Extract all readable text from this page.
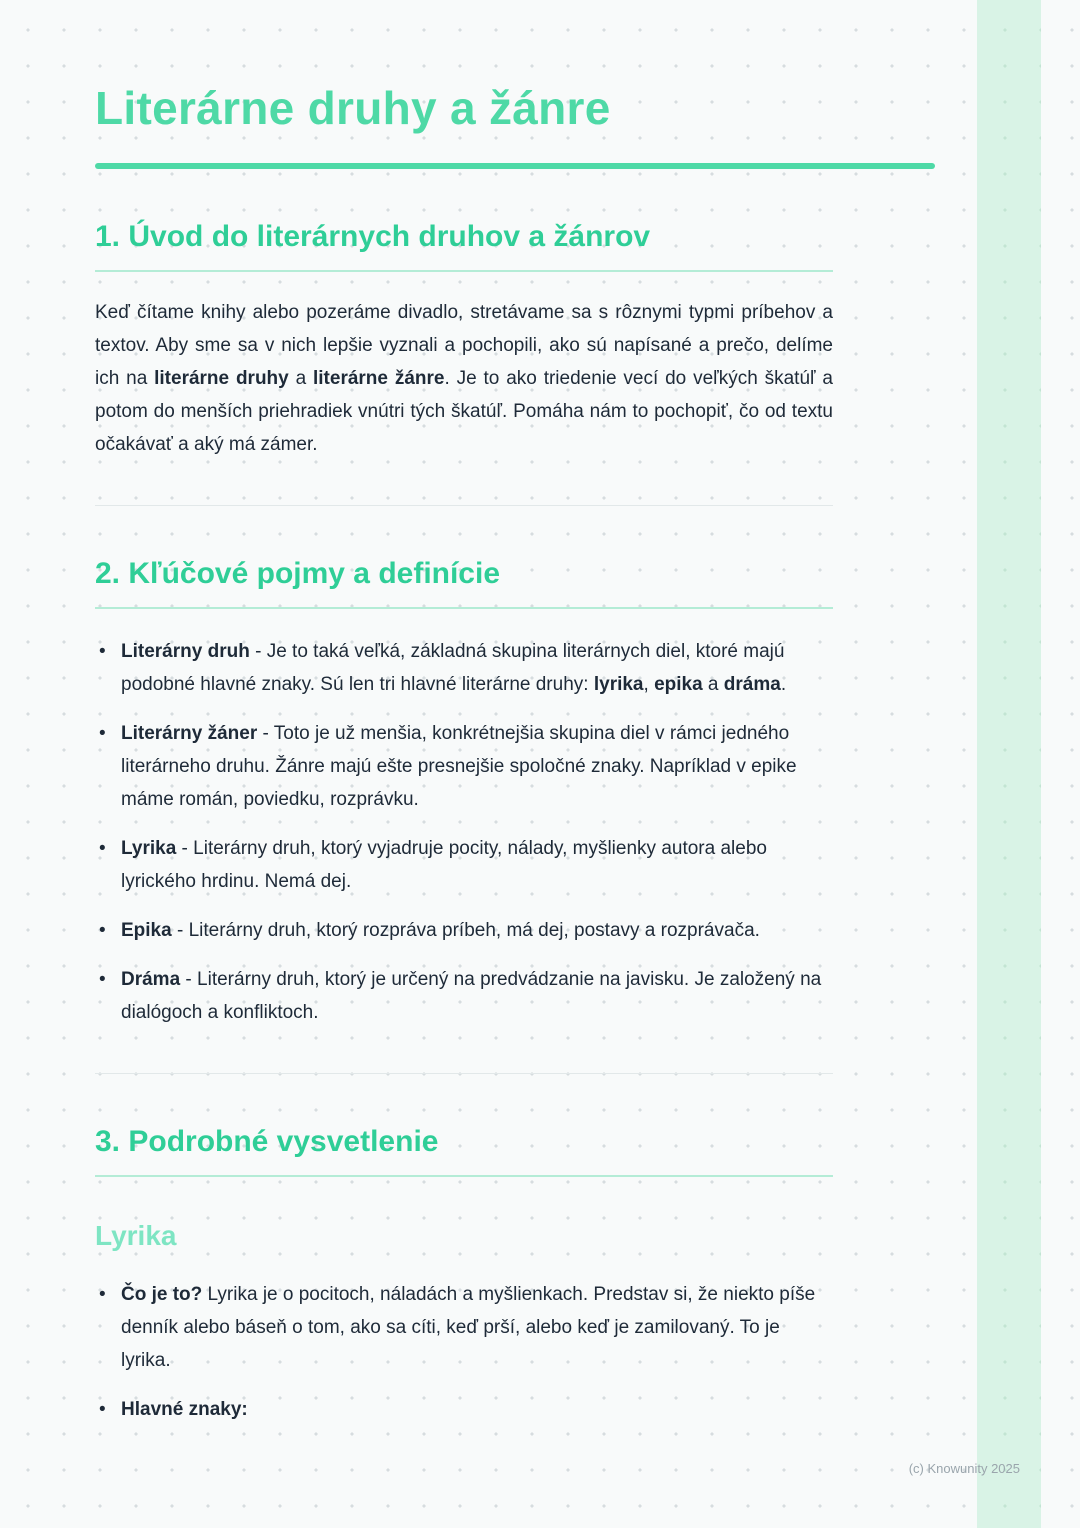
Literárne druhy a žánre
1. Úvod do literárnych druhov a žánrov

Keď čítame knihy alebo pozeráme divadlo, stretávame sa s rôznymi typmi príbehov a textov. Aby sme sa v nich lepšie vyznali a pochopili, ako sú napísané a prečo, delíme ich na literárne druhy a literárne žánre. Je to ako triedenie vecí do veľkých škatúľ a potom do menších priehradiek vnútri tých škatúľ. Pomáha nám to pochopiť, čo od textu očakávať a aký má zámer.

2. Kľúčové pojmy a definície
• Literárny druh - Je to taká veľká, základná skupina literárnych diel, ktoré majú podobné hlavné znaky. Sú len tri hlavné literárne druhy: lyrika, epika a dráma.
• Literárny žáner - Toto je už menšia, konkrétnejšia skupina diel v rámci jedného literárneho druhu. Žánre majú ešte presnejšie spoločné znaky. Napríklad v epike máme román, poviedku, rozprávku.
• Lyrika - Literárny druh, ktorý vyjadruje pocity, nálady, myšlienky autora alebo lyrického hrdinu. Nemá dej.
• Epika - Literárny druh, ktorý rozpráva príbeh, má dej, postavy a rozprávača.
• Dráma - Literárny druh, ktorý je určený na predvádzanie na javisku. Je založený na dialógoch a konfliktoch.
3. Podrobné vysvetlenie
Lyrika
• Čo je to? Lyrika je o pocitoch, náladách a myšlienkach. Predstav si, že niekto píše denník alebo báseň o tom, ako sa cíti, keď prší, alebo keď je zamilovaný. To je lyrika.
• Hlavné znaky:
(c) Knowunity 2025
